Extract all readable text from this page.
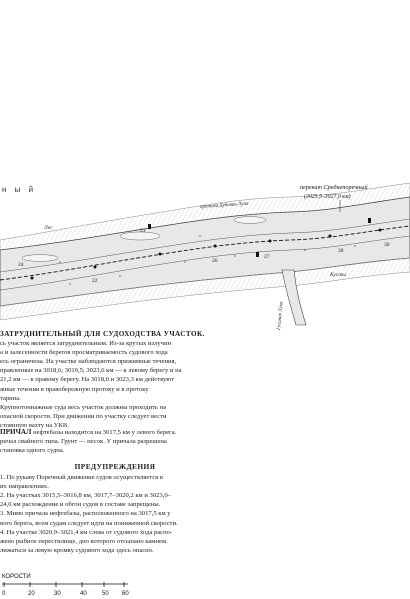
24
22
23
26
27
28
30
Лес
Кусты
н ы й
протока Дубовая Луна
перекат Среднепоречный
(3025,5–3027,0 км)
Гусиная Лука
ЗАТРУДНИТЕЛЬНЫЙ ДЛЯ СУДОХОДСТВА УЧАСТОК.
сь участок является затруднительным. Из-за крутых излучин
а и залесенности берегов просматриваемость судового хода
есь ограничена. На участке наблюдаются прижимные течения,
правленные на 3018,6; 3019,5; 3023,6 км — к левому берегу и на
21,2 км — к правому берегу. На 3018,0 и 3023,3 км действуют
жные течения в правобережную протоку и в протоку
тарина.
Крупнотоннажные суда весь участок должны проходить на
опасной скорости. При движении по участку следует вести
стоянную вахту на УКВ.
ПРИЧАЛ нефтебазы находится на 3017,5 км у левого берега.
ричал свайного типа. Грунт — песок. У причала разрешена
становка одного судна.
ПРЕДУПРЕЖДЕНИЯ
1. По рукаву Поречный движение судов осуществляется в
их направлениях.
2. На участках 3015,5–3016,8 км, 3017,7–3020,2 км и 3023,0–
24,0 км расхождение и обгон судов в составе запрещены.
3. Мимо причала нефтебазы, расположенного на 3017,5 км у
вого берега, всем судам следует идти на пониженной скорости.
4. На участке 3020,9–3021,4 км слева от судового хода распо-
жено рыбное перестилище, дно которого отсыпано камнем.
лижаться за левую кромку судового хода здесь опасно.
КОРОСТИ
0	20	30	40	50 60
